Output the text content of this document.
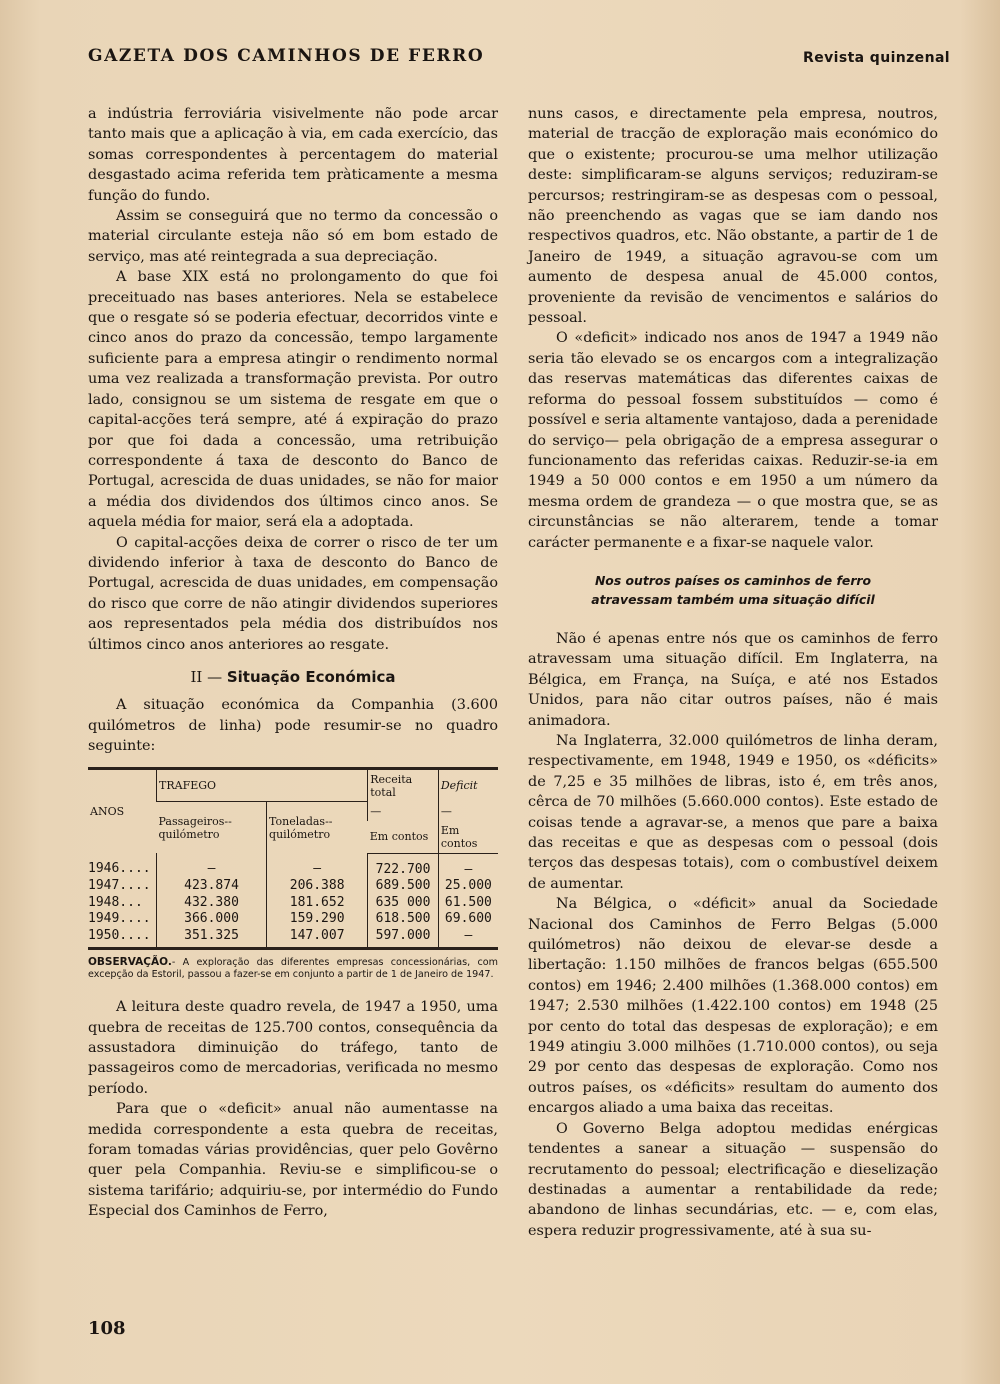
GAZETA DOS CAMINHOS DE FERRO	Revista quinzenal

a indústria ferroviária visivelmente não pode arcar tanto mais que a aplicação à via, em cada exercício, das somas correspondentes à percentagem do material desgastado acima referida tem pràticamente a mesma função do fundo.

Assim se conseguirá que no termo da concessão o material circulante esteja não só em bom estado de serviço, mas até reintegrada a sua depreciação.

A base XIX está no prolongamento do que foi preceituado nas bases anteriores. Nela se estabelece que o resgate só se poderia efectuar, decorridos vinte e cinco anos do prazo da concessão, tempo largamente suficiente para a empresa atingir o rendimento normal uma vez realizada a transformação prevista. Por outro lado, consignou se um sistema de resgate em que o capital-acções terá sempre, até á expiração do prazo por que foi dada a concessão, uma retribuição correspondente á taxa de desconto do Banco de Portugal, acrescida de duas unidades, se não for maior a média dos dividendos dos últimos cinco anos. Se aquela média for maior, será ela a adoptada.

O capital-acções deixa de correr o risco de ter um dividendo inferior à taxa de desconto do Banco de Portugal, acrescida de duas unidades, em compensação do risco que corre de não atingir dividendos superiores aos representados pela média dos distribuídos nos últimos cinco anos anteriores ao resgate.

II — Situação Económica

A situação económica da Companhia (3.600 quilómetros de linha) pode resumir-se no quadro seguinte:

ANOS	TRAFEGO		Receita total	Deficit
	Passageiros--quilómetro	Toneladas--quilómetro	—	—
			Em contos	Em contos
1946....	—	—	722.700	—
1947....	423.874	206.388	689.500	25.000
1948...	432.380	181.652	635 000	61.500
1949....	366.000	159.290	618.500	69.600
1950....	351.325	147.007	597.000	—
OBSERVAÇÃO.- A exploração das diferentes empresas concessionárias, com excepção da Estoril, passou a fazer-se em conjunto a partir de 1 de Janeiro de 1947.

A leitura deste quadro revela, de 1947 a 1950, uma quebra de receitas de 125.700 contos, consequência da assustadora diminuição do tráfego, tanto de passageiros como de mercadorias, verificada no mesmo período.

Para que o «deficit» anual não aumentasse na medida correspondente a esta quebra de receitas, foram tomadas várias providências, quer pelo Govêrno quer pela Companhia. Reviu-se e simplificou-se o sistema tarifário; adquiriu-se, por intermédio do Fundo Especial dos Caminhos de Ferro,

nuns casos, e directamente pela empresa, noutros, material de tracção de exploração mais económico do que o existente; procurou-se uma melhor utilização deste: simplificaram-se alguns serviços; reduziram-se percursos; restringiram-se as despesas com o pessoal, não preenchendo as vagas que se iam dando nos respectivos quadros, etc. Não obstante, a partir de 1 de Janeiro de 1949, a situação agravou-se com um aumento de despesa anual de 45.000 contos, proveniente da revisão de vencimentos e salários do pessoal.

O «deficit» indicado nos anos de 1947 a 1949 não seria tão elevado se os encargos com a integralização das reservas matemáticas das diferentes caixas de reforma do pessoal fossem substituídos — como é possível e seria altamente vantajoso, dada a perenidade do serviço— pela obrigação de a empresa assegurar o funcionamento das referidas caixas. Reduzir-se-ia em 1949 a 50 000 contos e em 1950 a um número da mesma ordem de grandeza — o que mostra que, se as circunstâncias se não alterarem, tende a tomar carácter permanente e a fixar-se naquele valor.

Nos outros países os caminhos de ferro
atravessam também uma situação difícil

Não é apenas entre nós que os caminhos de ferro atravessam uma situação difícil. Em Inglaterra, na Bélgica, em França, na Suíça, e até nos Estados Unidos, para não citar outros países, não é mais animadora.

Na Inglaterra, 32.000 quilómetros de linha deram, respectivamente, em 1948, 1949 e 1950, os «déficits» de 7,25 e 35 milhões de libras, isto é, em três anos, cêrca de 70 milhões (5.660.000 contos). Este estado de coisas tende a agravar-se, a menos que pare a baixa das receitas e que as despesas com o pessoal (dois terços das despesas totais), com o combustível deixem de aumentar.

Na Bélgica, o «déficit» anual da Sociedade Nacional dos Caminhos de Ferro Belgas (5.000 quilómetros) não deixou de elevar-se desde a libertação: 1.150 milhões de francos belgas (655.500 contos) em 1946; 2.400 milhões (1.368.000 contos) em 1947; 2.530 milhões (1.422.100 contos) em 1948 (25 por cento do total das despesas de exploração); e em 1949 atingiu 3.000 milhões (1.710.000 contos), ou seja 29 por cento das despesas de exploração. Como nos outros países, os «déficits» resultam do aumento dos encargos aliado a uma baixa das receitas.

O Governo Belga adoptou medidas enérgicas tendentes a sanear a situação — suspensão do recrutamento do pessoal; electrificação e dieselização destinadas a aumentar a rentabilidade da rede; abandono de linhas secundárias, etc. — e, com elas, espera reduzir progressivamente, até à sua su-

108
